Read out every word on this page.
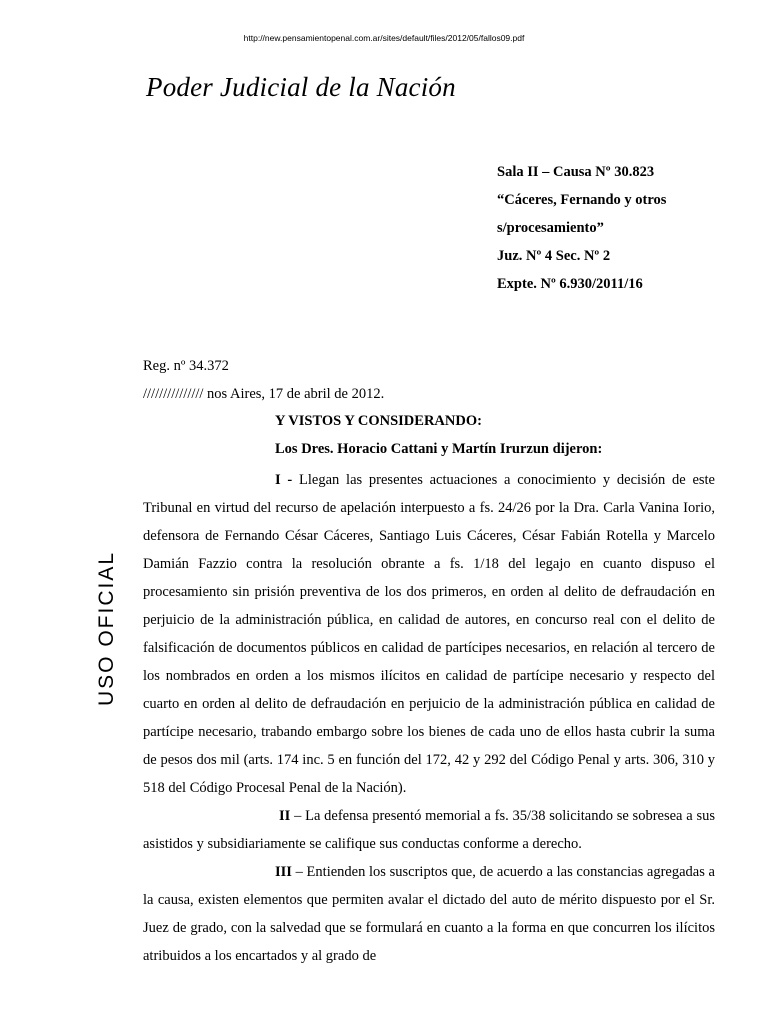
http://new.pensamientopenal.com.ar/sites/default/files/2012/05/fallos09.pdf
Poder Judicial de la Nación
Sala II – Causa Nº 30.823
“Cáceres, Fernando y otros
s/procesamiento”
Juz. Nº 4 Sec. Nº 2
Expte. Nº 6.930/2011/16
USO OFICIAL
Reg. nº 34.372
/////////////// nos Aires, 17 de abril de 2012.
Y VISTOS Y CONSIDERANDO:
Los Dres. Horacio Cattani y Martín Irurzun dijeron:

I - Llegan las presentes actuaciones a conocimiento y decisión de este Tribunal en virtud del recurso de apelación interpuesto a fs. 24/26 por la Dra. Carla Vanina Iorio, defensora de Fernando César Cáceres, Santiago Luis Cáceres, César Fabián Rotella y Marcelo Damián Fazzio contra la resolución obrante a fs. 1/18 del legajo en cuanto dispuso el procesamiento sin prisión preventiva de los dos primeros, en orden al delito de defraudación en perjuicio de la administración pública, en calidad de autores, en concurso real con el delito de falsificación de documentos públicos en calidad de partícipes necesarios, en relación al tercero de los nombrados en orden a los mismos ilícitos en calidad de partícipe necesario y respecto del cuarto en orden al delito de defraudación en perjuicio de la administración pública en calidad de partícipe necesario, trabando embargo sobre los bienes de cada uno de ellos hasta cubrir la suma de pesos dos mil (arts. 174 inc. 5 en función del 172, 42 y 292 del Código Penal y arts. 306, 310 y 518 del Código Procesal Penal de la Nación).

II – La defensa presentó memorial a fs. 35/38 solicitando se sobresea a sus asistidos y subsidiariamente se califique sus conductas conforme a derecho.

III – Entienden los suscriptos que, de acuerdo a las constancias agregadas a la causa, existen elementos que permiten avalar el dictado del auto de mérito dispuesto por el Sr. Juez de grado, con la salvedad que se formulará en cuanto a la forma en que concurren los ilícitos atribuidos a los encartados y al grado de
